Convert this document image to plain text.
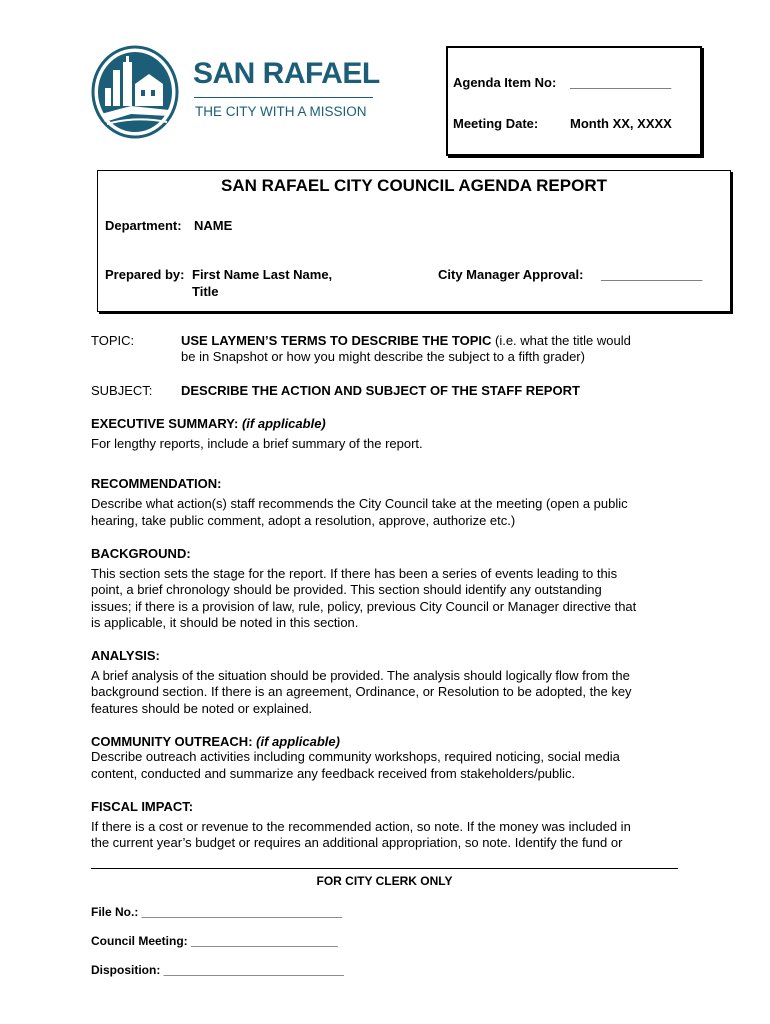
SAN RAFAEL
THE CITY WITH A MISSION
Agenda Item No: ______________
Meeting Date: Month XX, XXXX
SAN RAFAEL CITY COUNCIL AGENDA REPORT
Department: NAME
Prepared by: First Name Last Name,
Title
City Manager Approval: ______________
TOPIC:	USE LAYMEN’S TERMS TO DESCRIBE THE TOPIC (i.e. what the title would
be in Snapshot or how you might describe the subject to a fifth grader)
SUBJECT: DESCRIBE THE ACTION AND SUBJECT OF THE STAFF REPORT
EXECUTIVE SUMMARY: (if applicable)
For lengthy reports, include a brief summary of the report.
RECOMMENDATION:
Describe what action(s) staff recommends the City Council take at the meeting (open a public
hearing, take public comment, adopt a resolution, approve, authorize etc.)
BACKGROUND:
This section sets the stage for the report. If there has been a series of events leading to this
point, a brief chronology should be provided. This section should identify any outstanding
issues; if there is a provision of law, rule, policy, previous City Council or Manager directive that
is applicable, it should be noted in this section.
ANALYSIS:
A brief analysis of the situation should be provided. The analysis should logically flow from the
background section. If there is an agreement, Ordinance, or Resolution to be adopted, the key
features should be noted or explained.
COMMUNITY OUTREACH: (if applicable)
Describe outreach activities including community workshops, required noticing, social media
content, conducted and summarize any feedback received from stakeholders/public.
FISCAL IMPACT:
If there is a cost or revenue to the recommended action, so note. If the money was included in
the current year’s budget or requires an additional appropriation, so note. Identify the fund or
FOR CITY CLERK ONLY
File No.: ______________________________
Council Meeting: ______________________
Disposition: ___________________________
